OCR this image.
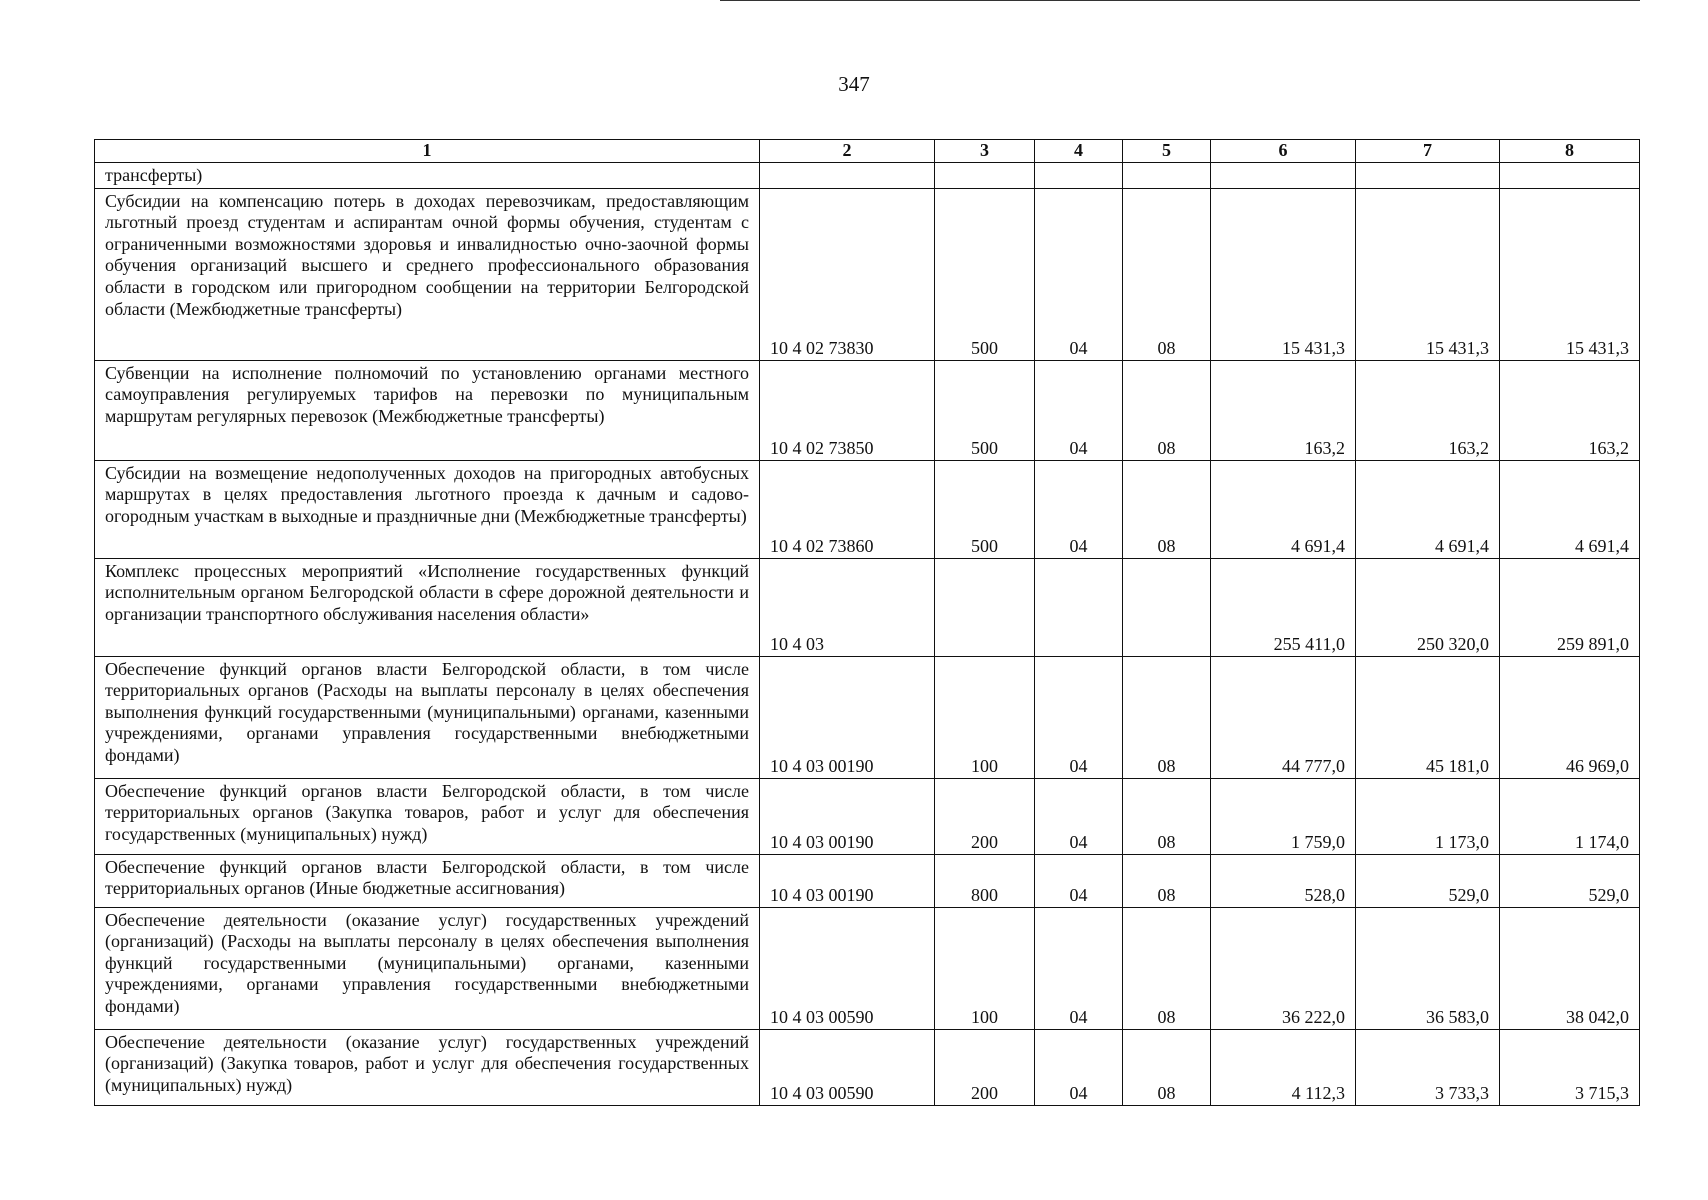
347
1	2	3	4	5	6	7	8
трансферты)							
Субсидии на компенсацию потерь в доходах перевозчикам, предоставляющим льготный проезд студентам и аспирантам очной формы обучения, студентам с ограниченными возможностями здоровья и инвалидностью очно-заочной формы обучения организаций высшего и среднего профессионального образования области в городском или пригородном сообщении на территории Белгородской области (Межбюджетные трансферты)	10 4 02 73830	500	04	08	15 431,3	15 431,3	15 431,3
Субвенции на исполнение полномочий по установлению органами местного самоуправления регулируемых тарифов на перевозки по муниципальным маршрутам регулярных перевозок (Межбюджетные трансферты)	10 4 02 73850	500	04	08	163,2	163,2	163,2
Субсидии на возмещение недополученных доходов на пригородных автобусных маршрутах в целях предоставления льготного проезда к дачным и садово-огородным участкам в выходные и праздничные дни (Межбюджетные трансферты)	10 4 02 73860	500	04	08	4 691,4	4 691,4	4 691,4
Комплекс процессных мероприятий «Исполнение государственных функций исполнительным органом Белгородской области в сфере дорожной деятельности и организации транспортного обслуживания населения области»	10 4 03				255 411,0	250 320,0	259 891,0
Обеспечение функций органов власти Белгородской области, в том числе территориальных органов (Расходы на выплаты персоналу в целях обеспечения выполнения функций государственными (муниципальными) органами, казенными учреждениями, органами управления государственными внебюджетными фондами)	10 4 03 00190	100	04	08	44 777,0	45 181,0	46 969,0
Обеспечение функций органов власти Белгородской области, в том числе территориальных органов (Закупка товаров, работ и услуг для обеспечения государственных (муниципальных) нужд)	10 4 03 00190	200	04	08	1 759,0	1 173,0	1 174,0
Обеспечение функций органов власти Белгородской области, в том числе территориальных органов (Иные бюджетные ассигнования)	10 4 03 00190	800	04	08	528,0	529,0	529,0
Обеспечение деятельности (оказание услуг) государственных учреждений (организаций) (Расходы на выплаты персоналу в целях обеспечения выполнения функций государственными (муниципальными) органами, казенными учреждениями, органами управления государственными внебюджетными фондами)	10 4 03 00590	100	04	08	36 222,0	36 583,0	38 042,0
Обеспечение деятельности (оказание услуг) государственных учреждений (организаций) (Закупка товаров, работ и услуг для обеспечения государственных (муниципальных) нужд)	10 4 03 00590	200	04	08	4 112,3	3 733,3	3 715,3
